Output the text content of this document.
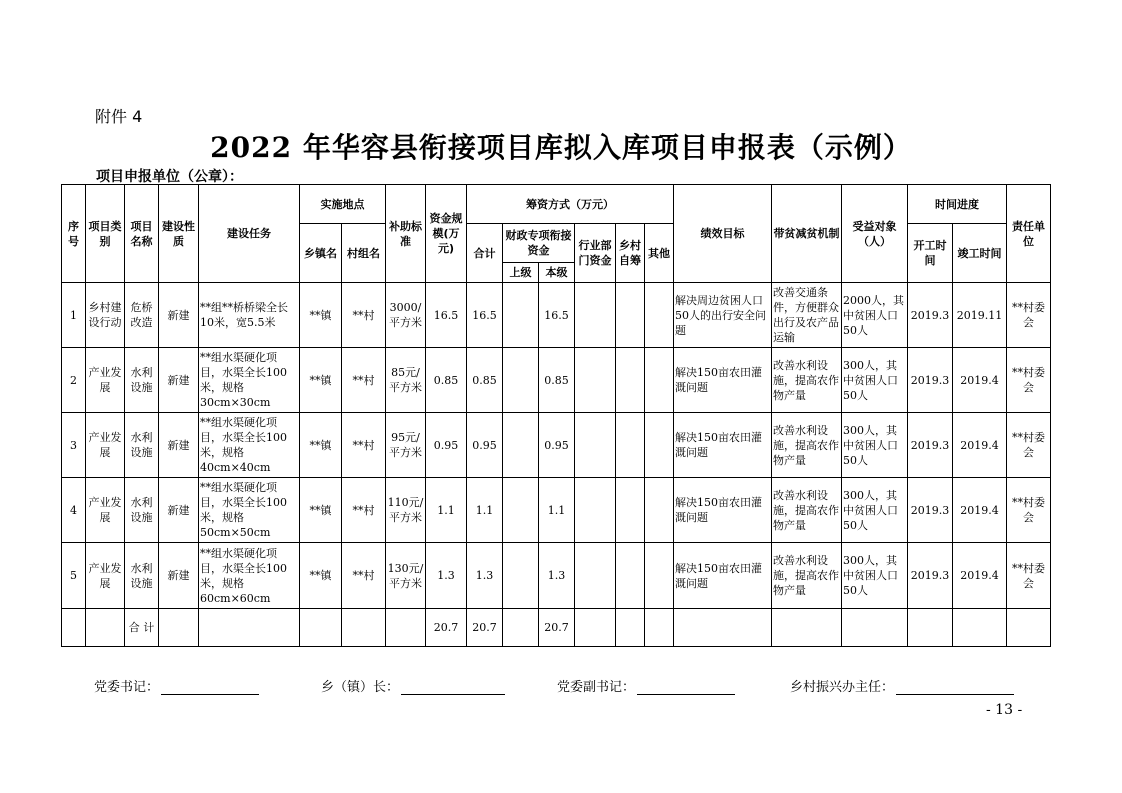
附件 4
2022 年华容县衔接项目库拟入库项目申报表（示例）
项目申报单位（公章）：
序号	项目类别	项目名称	建设性质	建设任务	实施地点		补助标准	资金规模(万元)	筹资方式（万元）						绩效目标	带贫减贫机制	受益对象（人）	时间进度		责任单位
					乡镇名	村组名			合计	财政专项衔接资金		行业部门资金	乡村自筹	其他				开工时间	竣工时间	
										上级	本级									
1	乡村建设行动	危桥改造	新建	**组**桥桥梁全长10米，宽5.5米	**镇	**村	3000/平方米	16.5	16.5		16.5				解决周边贫困人口50人的出行安全问题	改善交通条件，方便群众出行及农产品运输	2000人，其中贫困人口50人	2019.3	2019.11	**村委会
2	产业发展	水利设施	新建	**组水渠硬化项目，水渠全长100米，规格30cm×30cm	**镇	**村	85元/平方米	0.85	0.85		0.85				解决150亩农田灌溉问题	改善水利设施，提高农作物产量	300人，其中贫困人口50人	2019.3	2019.4	**村委会
3	产业发展	水利设施	新建	**组水渠硬化项目，水渠全长100米，规格40cm×40cm	**镇	**村	95元/平方米	0.95	0.95		0.95				解决150亩农田灌溉问题	改善水利设施，提高农作物产量	300人，其中贫困人口50人	2019.3	2019.4	**村委会
4	产业发展	水利设施	新建	**组水渠硬化项目，水渠全长100米，规格50cm×50cm	**镇	**村	110元/平方米	1.1	1.1		1.1				解决150亩农田灌溉问题	改善水利设施，提高农作物产量	300人，其中贫困人口50人	2019.3	2019.4	**村委会
5	产业发展	水利设施	新建	**组水渠硬化项目，水渠全长100米，规格60cm×60cm	**镇	**村	130元/平方米	1.3	1.3		1.3				解决150亩农田灌溉问题	改善水利设施，提高农作物产量	300人，其中贫困人口50人	2019.3	2019.4	**村委会
		合 计						20.7	20.7		20.7									
党委书记：	乡（镇）长：	党委副书记：	乡村振兴办主任：
- 13 -
